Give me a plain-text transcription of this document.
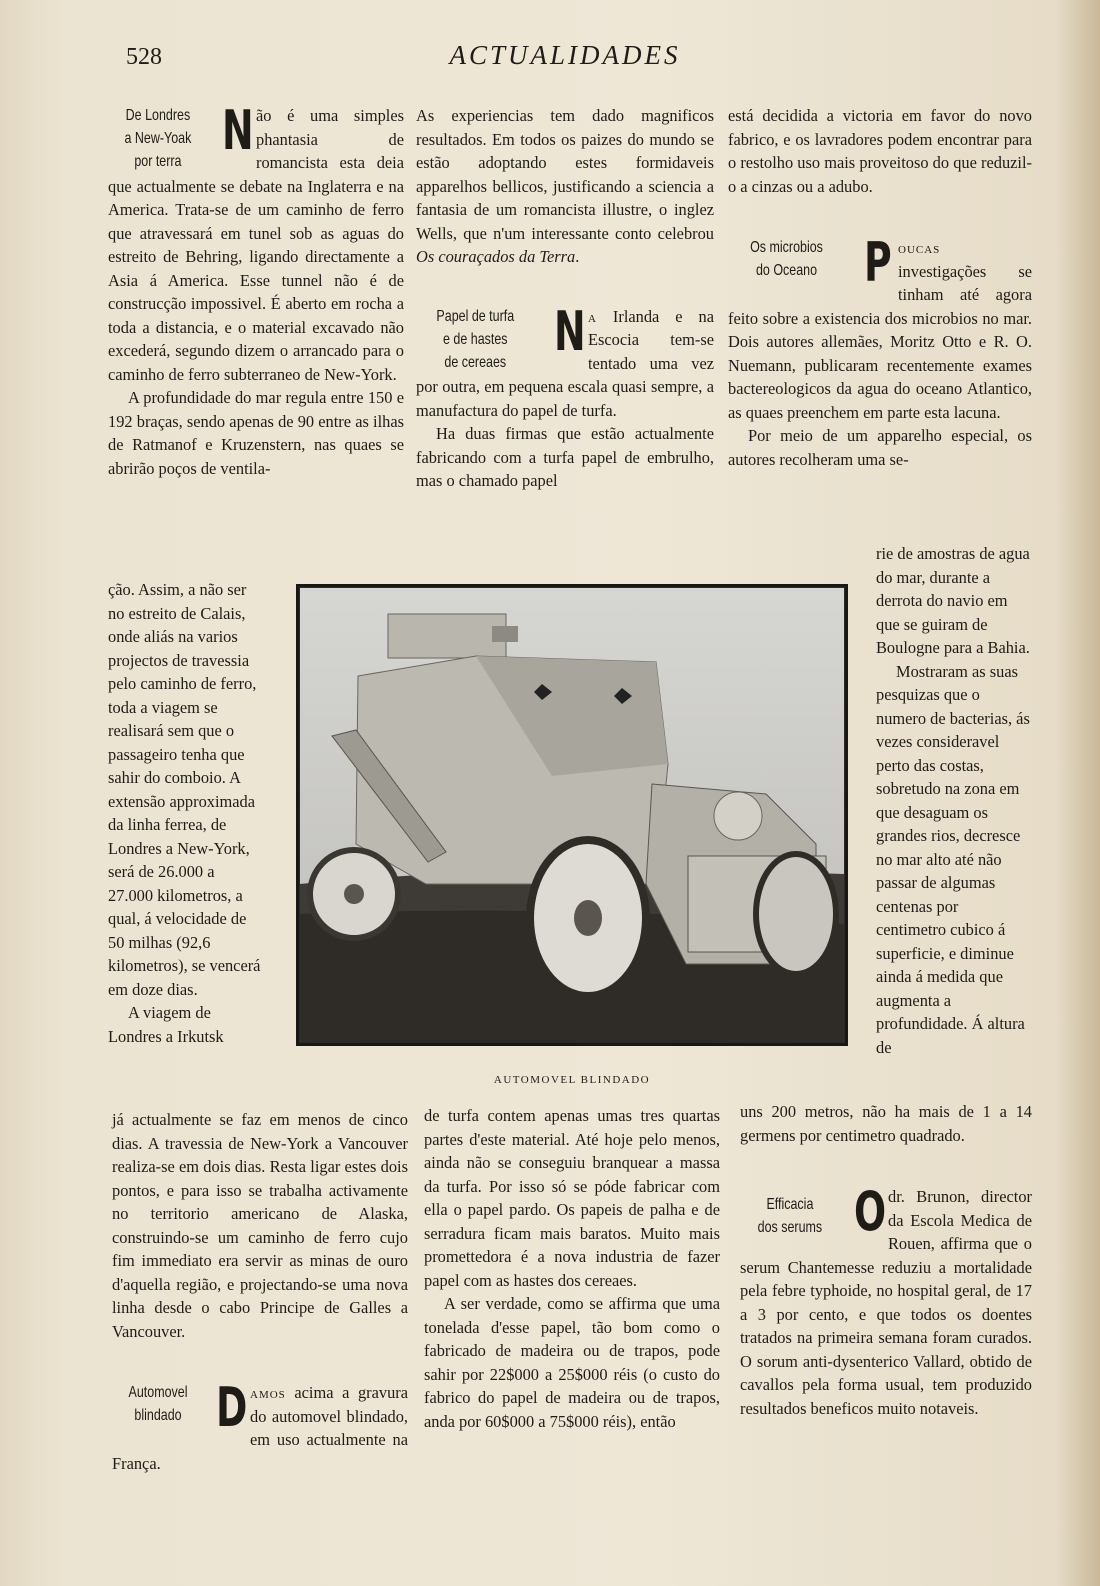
528	ACTUALIDADES

De Londres
a New-Yoak
por terra N ão é uma simples phantasia de romancista esta deia que actualmente se debate na Inglaterra e na America. Trata-se de um caminho de ferro que atravessará em tunel sob as aguas do estreito de Behring, ligando directamente a Asia á America. Esse tunnel não é de construcção impossivel. É aberto em rocha a toda a distancia, e o material excavado não excederá, segundo dizem o arrancado para o caminho de ferro subterraneo de New-York.

A profundidade do mar regula entre 150 e 192 braças, sendo apenas de 90 entre as ilhas de Ratmanof e Kruzenstern, nas quaes se abrirão poços de ventila-

ção. Assim, a não ser no estreito de Calais, onde aliás na varios projectos de travessia pelo caminho de ferro, toda a viagem se realisará sem que o passageiro tenha que sahir do comboio. A extensão approximada da linha ferrea, de Londres a New-York, será de 26.000 a 27.000 kilometros, a qual, á velocidade de 50 milhas (92,6 kilometros), se vencerá em doze dias.

A viagem de Londres a Irkutsk

já actualmente se faz em menos de cinco dias. A travessia de New-York a Vancouver realiza-se em dois dias. Resta ligar estes dois pontos, e para isso se trabalha activamente no territorio americano de Alaska, construindo-se um caminho de ferro cujo fim immediato era servir as minas de ouro d'aquella região, e projectando-se uma nova linha desde o cabo Principe de Galles a Vancouver.

Automovel
blindado D amos acima a gravura do automovel blindado, em uso actualmente na França.

As experiencias tem dado magnificos resultados. Em todos os paizes do mundo se estão adoptando estes formidaveis apparelhos bellicos, justificando a sciencia a fantasia de um romancista illustre, o inglez Wells, que n'um interessante conto celebrou Os couraçados da Terra.

Papel de turfa
e de hastes
de cereaes N a Irlanda e na Escocia tem-se tentado uma vez por outra, em pequena escala quasi sempre, a manufactura do papel de turfa.

Ha duas firmas que estão actualmente fabricando com a turfa papel de embrulho, mas o chamado papel

de turfa contem apenas umas tres quartas partes d'este material. Até hoje pelo menos, ainda não se conseguiu branquear a massa da turfa. Por isso só se póde fabricar com ella o papel pardo. Os papeis de palha e de serradura ficam mais baratos. Muito mais promettedora é a nova industria de fazer papel com as hastes dos cereaes.

A ser verdade, como se affirma que uma tonelada d'esse papel, tão bom como o fabricado de madeira ou de trapos, pode sahir por 22$000 a 25$000 réis (o custo do fabrico do papel de madeira ou de trapos, anda por 60$000 a 75$000 réis), então

está decidida a victoria em favor do novo fabrico, e os lavradores podem encontrar para o restolho uso mais proveitoso do que reduzil-o a cinzas ou a adubo.

Os microbios
do Oceano P oucas investigações se tinham até agora feito sobre a existencia dos microbios no mar. Dois autores allemães, Moritz Otto e R. O. Nuemann, publicaram recentemente exames bactereologicos da agua do oceano Atlantico, as quaes preenchem em parte esta lacuna.

Por meio de um apparelho especial, os autores recolheram uma se-

rie de amostras de agua do mar, durante a derrota do navio em que se guiram de Boulogne para a Bahia.

Mostraram as suas pesquizas que o numero de bacterias, ás vezes consideravel perto das costas, sobretudo na zona em que desaguam os grandes rios, decresce no mar alto até não passar de algumas centenas por centimetro cubico á superficie, e diminue ainda á medida que augmenta a profundidade. Á altura de

uns 200 metros, não ha mais de 1 a 14 germens por centimetro quadrado.

Efficacia
dos serums O dr. Brunon, director da Escola Medica de Rouen, affirma que o serum Chantemesse reduziu a mortalidade pela febre typhoide, no hospital geral, de 17 a 3 por cento, e que todos os doentes tratados na primeira semana foram curados. O sorum anti-dysenterico Vallard, obtido de cavallos pela forma usual, tem produzido resultados beneficos muito notaveis.

AUTOMOVEL BLINDADO
